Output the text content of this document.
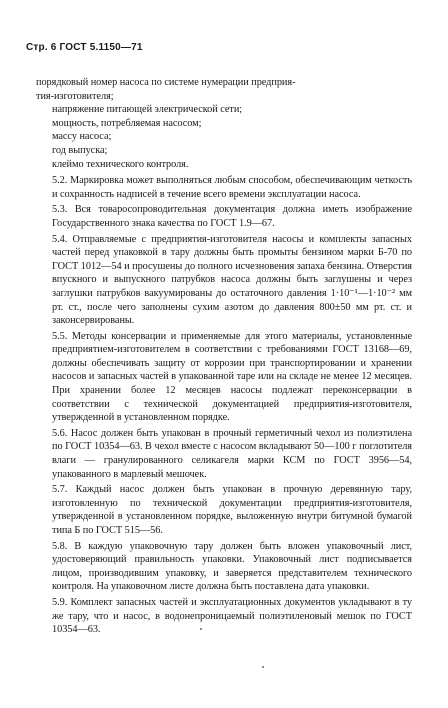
Стр. 6 ГОСТ 5.1150—71
порядковый номер насоса по системе нумерации предприя-
тия-изготовителя;
напряжение питающей электрической сети;
мощность, потребляемая насосом;
массу насоса;
год выпуска;
клеймо технического контроля.

5.2. Маркировка может выполняться любым способом, обеспечивающим четкость и сохранность надписей в течение всего времени эксплуатации насоса.

5.3. Вся товаросопроводительная документация должна иметь изображение Государственного знака качества по ГОСТ 1.9—67.

5.4. Отправляемые с предприятия-изготовителя насосы и комплекты запасных частей перед упаковкой в тару должны быть промыты бензином марки Б-70 по ГОСТ 1012—54 и просушены до полного исчезновения запаха бензина. Отверстия впускного и выпускного патрубков насоса должны быть заглушены и через заглушки патрубков вакуумированы до остаточного давления 1·10⁻¹—1·10⁻² мм рт. ст., после чего заполнены сухим азотом до давления 800±50 мм рт. ст. и законсервированы.

5.5. Методы консервации и применяемые для этого материалы, установленные предприятием-изготовителем в соответствии с требованиями ГОСТ 13168—69, должны обеспечивать защиту от коррозии при транспортировании и хранении насосов и запасных частей в упакованной таре или на складе не менее 12 месяцев. При хранении более 12 месяцев насосы подлежат переконсервации в соответствии с технической документацией предприятия-изготовителя, утвержденной в установленном порядке.

5.6. Насос должен быть упакован в прочный герметичный чехол из полиэтилена по ГОСТ 10354—63. В чехол вместе с насосом вкладывают 50—100 г поглотителя влаги — гранулированного селикагеля марки КСМ по ГОСТ 3956—54, упакованного в марлевый мешочек.

5.7. Каждый насос должен быть упакован в прочную деревянную тару, изготовленную по технической документации предприятия-изготовителя, утвержденной в установленном порядке, выложенную внутри битумной бумагой типа Б по ГОСТ 515—56.

5.8. В каждую упаковочную тару должен быть вложен упаковочный лист, удостоверяющий правильность упаковки. Упаковочный лист подписывается лицом, производившим упаковку, и заверяется представителем технического контроля. На упаковочном листе должна быть поставлена дата упаковки.

5.9. Комплект запасных частей и эксплуатационных документов укладывают в ту же тару, что и насос, в водонепроницаемый полиэтиленовый мешок по ГОСТ 10354—63.
